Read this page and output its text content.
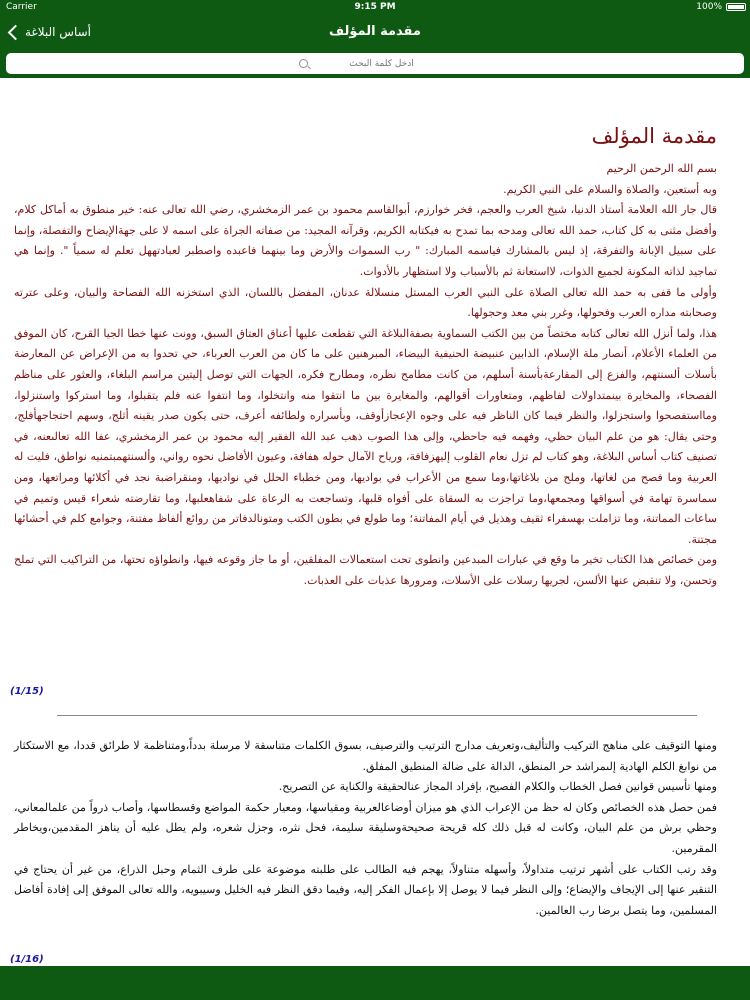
Carrier	9:15 PM	100%
أساس البلاغة	مقدمة المؤلف
ادخل كلمة البحث
مقدمة المؤلف

بسم الله الرحمن الرحيم

وبه أستعين، والصلاة والسلام على النبي الكريم.

قال جار الله العلامة أستاذ الدنيا، شيخ العرب والعجم، فخر خوارزم، أبوالقاسم محمود بن عمر الزمخشري، رضي الله تعالى عنه: خير منطوق به أماكل كلام، وأفضل مثنى به كل كتاب، حمد الله تعالى ومدحه بما تمدح به فيكتابه الكريم، وقرآنه المجيد: من صفاته الجراة على اسمه لا على جهةالإيضاح والتفصلة، وإنما على سبيل الإبانة والتفرقة، إذ ليس بالمشارك فياسمه المبارك: " رب السموات والأرض وما بينهما فاعبده واصطبر لعبادتههل تعلم له سمياً ". وإنما هي تماجيد لذاته المكونة لجميع الذوات، لااستعانة ثم بالأسباب ولا استظهار بالأدوات.

وأولى ما قفى به حمد الله تعالى الصلاة على النبي العرب المستل منسلالة عدنان، المفضل باللسان، الذي استخزنه الله الفصاحة والبيان، وعلى عترته وصحابته مداره العرب وفحولها، وغرر بني معد وحجولها.

هذا، ولما أنزل الله تعالى كتابه مختصاً من بين الكتب السماوية بصفةالبلاغة التي تقطعت عليها أعناق العتاق السبق، وونت عنها خطا الجيا القرح، كان الموفق من العلماء الأعلام، أنصار ملة الإسلام، الذابين عنبيضة الحنيفية البيضاء، المبرهنين على ما كان من العرب العرباء، حي تحدوا به من الإعراض عن المعارضة بأسلات ألسنتهم، والفزع إلى المقارعةبأسنة أسلهم، من كانت مطامح نظره، ومطارح فكره، الجهات التي توصل إليتين مراسم البلغاء، والعثور على مناظم الفصحاء، والمخايرة بينمتداولات لفاظهم، ومتعاورات أقوالهم، والمغايرة بين ما انتقوا منه وانتخلوا، وما انتفوا عنه فلم يتقبلوا، وما استركوا واستنزلوا، ومااستفصحوا واستجزلوا، والنظر فيما كان الناظر فيه على وجوه الإعجازأوقف، وبأسراره ولطائفه أعرف، حتى يكون صدر يقينه أثلج، وسهم احتجاجهأفلج، وحتى يقال: هو من علم البيان حظي، وفهمه فيه جاحظي، وإلى هذا الصوب ذهب عبد الله الفقير إليه محمود بن عمر الزمخشري، عفا الله تعالىعنه، في تصنيف كتاب أساس البلاغة، وهو كتاب لم تزل نعام القلوب إليهزفافة، ورياح الآمال حوله هفافة، وعيون الأفاضل نحوه رواني، وألسنتهمبتمنيه نواطق، فليت له العربية وما فصح من لغاتها، وملح من بلاغاتها،وما سمع من الأعراب في بواديها، ومن خطباء الحلل في نواديها، ومنقراضبة نجد في أكلائها ومراتعها، ومن سماسرة تهامة في أسواقها ومجمعها،وما تراجزت به السقاة على أفواه قلبها، وتساجعت به الرعاة على شفاهعلبها، وما تقارضته شعراء قيس وتميم في ساعات المماتنة، وما تزاملت بهسفراء ثقيف وهذيل في أيام المفاتنة؛ وما طولع في بطون الكتب ومتونالدفاتر من روائع ألفاظ مفتنة، وجوامع كلم في أحشائها مجتنة.

ومن خصائص هذا الكتاب تخير ما وقع في عبارات المبدعين وانطوى تحت استعمالات المفلقين، أو ما جاز وقوعه فيها، وانطواؤه تحتها، من التراكيب التي تملح وتحسن، ولا تنقبض عنها الألسن، لجريها رسلات على الأسلات، ومرورها عذبات على العذبات.

(1/15)

ومنها التوقيف على مناهج التركيب والتأليف،وتعريف مدارج الترتيب والترصيف، بسوق الكلمات متناسقة لا مرسلة بدداً،ومتناظمة لا طرائق قددا، مع الاستكثار من نوابغ الكلم الهادية إلىمراشد حر المنطق، الدالة على ضالة المنطيق المفلق.

ومنها تأسيس قوانين فصل الخطاب والكلام الفصيح، بإفراد المجاز عنالحقيقة والكناية عن التصريح.

فمن حصل هذه الخصائص وكان له حظ من الإعراب الذي هو ميزان أوضاعالعربية ومقياسها، ومعيار حكمة المواضع وقسطاسها، وأصاب ذرواً من علمالمعاني، وحظي برش من علم البيان، وكانت له قبل ذلك كله قريحة صحيحةوسليقة سليمة، فحل نثره، وجزل شعره، ولم يطل عليه أن يناهز المقدمين،ويخاطر المقرمين.

وقد رتب الكتاب على أشهر ترتيب متداولاً، وأسهله متناولاً، يهجم فيه الطالب على طلبته موضوعة على طرف الثمام وحبل الذراع، من غير أن يحتاج في التنقير عنها إلى الإيجاف والإيضاع؛ وإلى النظر فيما لا يوصل إلا بإعمال الفكر إليه، وفيما دقق النظر فيه الخليل وسيبويه، والله تعالى الموفق إلى إفادة أفاضل المسلمين، وما يتصل برضا رب العالمين.

(1/16)
